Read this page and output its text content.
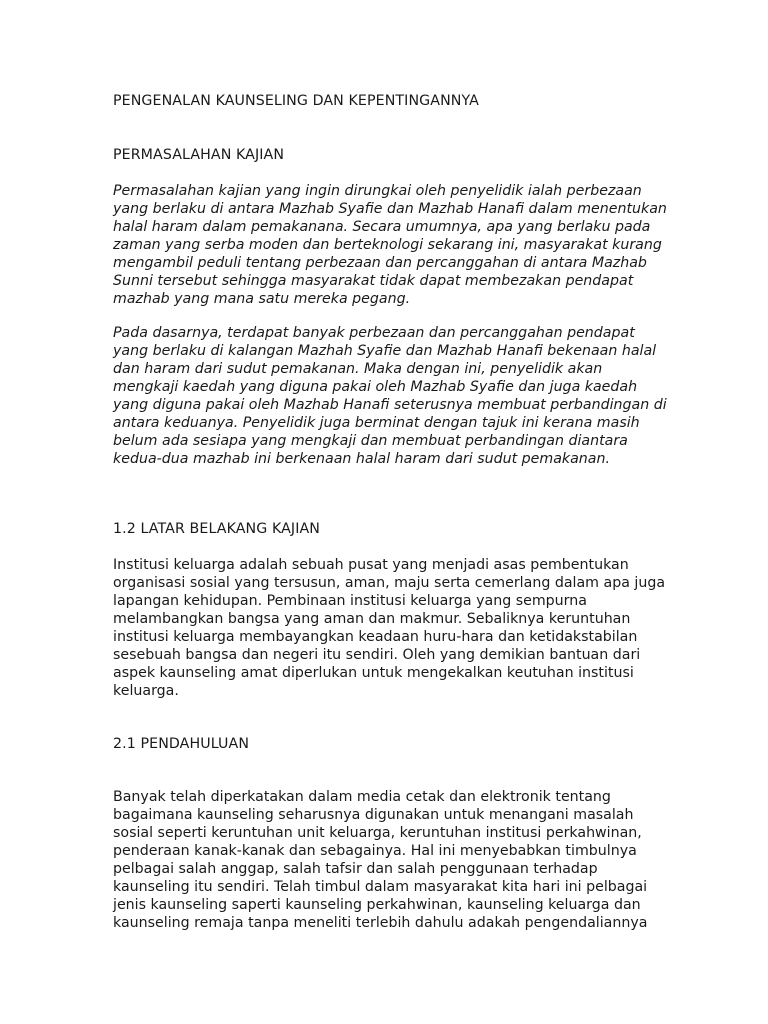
PENGENALAN KAUNSELING DAN KEPENTINGANNYA

PERMASALAHAN KAJIAN

Permasalahan kajian yang ingin dirungkai oleh penyelidik ialah perbezaan
yang berlaku di antara Mazhab Syafie dan Mazhab Hanafi dalam menentukan
halal haram dalam pemakanana. Secara umumnya, apa yang berlaku pada
zaman yang serba moden dan berteknologi sekarang ini, masyarakat kurang
mengambil peduli tentang perbezaan dan percanggahan di antara Mazhab
Sunni tersebut sehingga masyarakat tidak dapat membezakan pendapat
mazhab yang mana satu mereka pegang.

Pada dasarnya, terdapat banyak perbezaan dan percanggahan pendapat
yang berlaku di kalangan Mazhah Syafie dan Mazhab Hanafi bekenaan halal
dan haram dari sudut pemakanan. Maka dengan ini, penyelidik akan
mengkaji kaedah yang diguna pakai oleh Mazhab Syafie dan juga kaedah
yang diguna pakai oleh Mazhab Hanafi seterusnya membuat perbandingan di
antara keduanya. Penyelidik juga berminat dengan tajuk ini kerana masih
belum ada sesiapa yang mengkaji dan membuat perbandingan diantara
kedua-dua mazhab ini berkenaan halal haram dari sudut pemakanan.

1.2 LATAR BELAKANG KAJIAN

Institusi keluarga adalah sebuah pusat yang menjadi asas pembentukan
organisasi sosial yang tersusun, aman, maju serta cemerlang dalam apa juga
lapangan kehidupan. Pembinaan institusi keluarga yang sempurna
melambangkan bangsa yang aman dan makmur. Sebaliknya keruntuhan
institusi keluarga membayangkan keadaan huru-hara dan ketidakstabilan
sesebuah bangsa dan negeri itu sendiri. Oleh yang demikian bantuan dari
aspek kaunseling amat diperlukan untuk mengekalkan keutuhan institusi
keluarga.

2.1 PENDAHULUAN

Banyak telah diperkatakan dalam media cetak dan elektronik tentang
bagaimana kaunseling seharusnya digunakan untuk menangani masalah
sosial seperti keruntuhan unit keluarga, keruntuhan institusi perkahwinan,
penderaan kanak-kanak dan sebagainya. Hal ini menyebabkan timbulnya
pelbagai salah anggap, salah tafsir dan salah penggunaan terhadap
kaunseling itu sendiri. Telah timbul dalam masyarakat kita hari ini pelbagai
jenis kaunseling saperti kaunseling perkahwinan, kaunseling keluarga dan
kaunseling remaja tanpa meneliti terlebih dahulu adakah pengendaliannya
